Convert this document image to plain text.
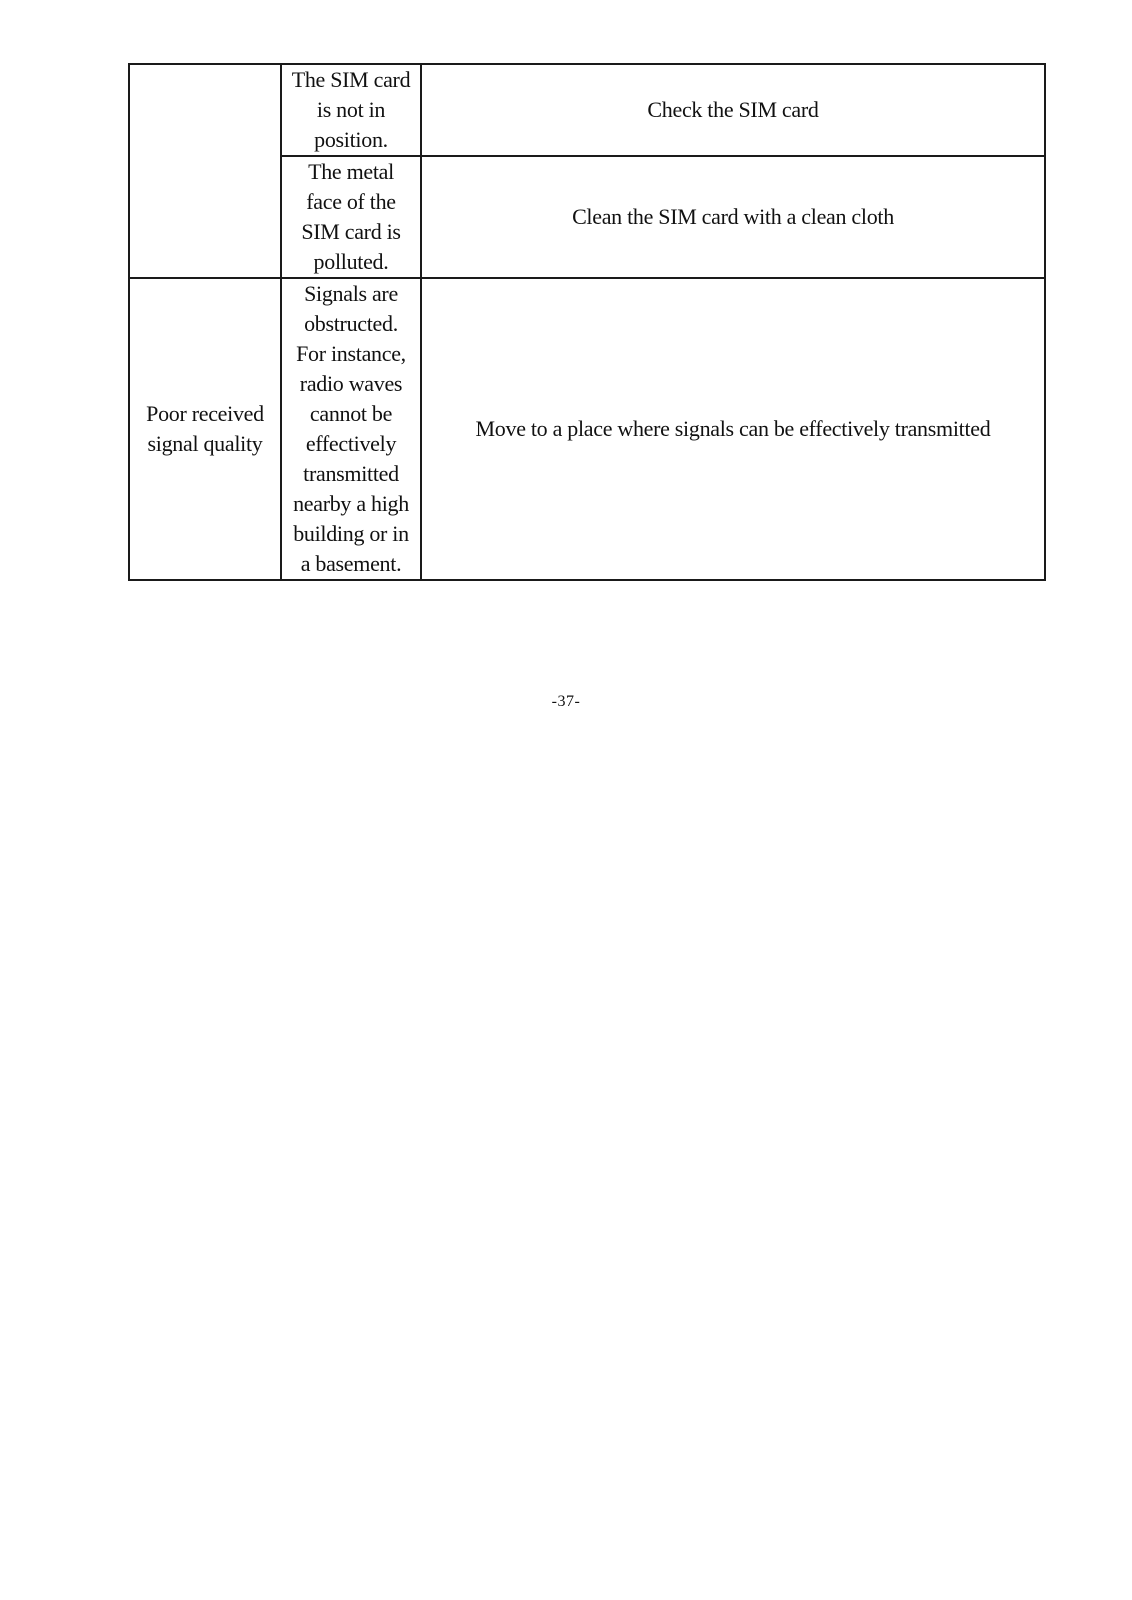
	The SIM card is not in position.	Check the SIM card
	The metal face of the SIM card is polluted.	Clean the SIM card with a clean cloth
Poor received signal quality	Signals are obstructed. For instance, radio waves cannot be effectively transmitted nearby a high building or in a basement.	Move to a place where signals can be effectively transmitted
-37-
